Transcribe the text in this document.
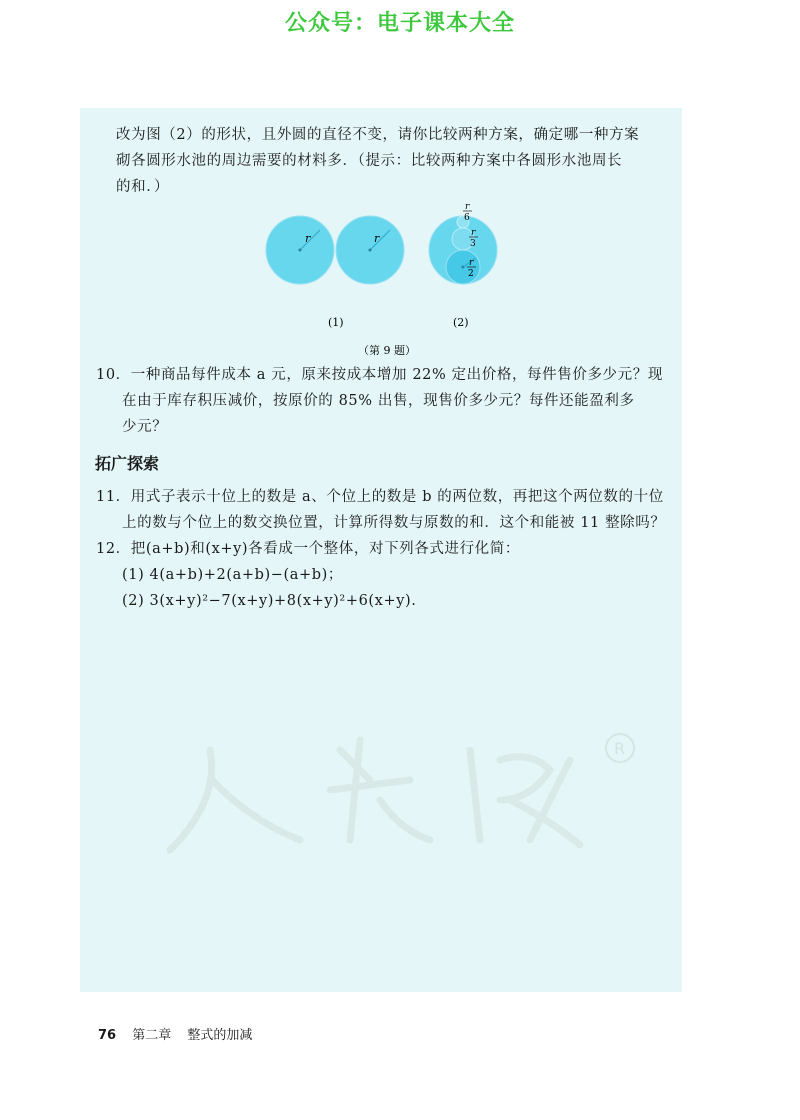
公众号：电子课本大全

改为图（2）的形状，且外圆的直径不变，请你比较两种方案，确定哪一种方案
砌各圆形水池的周边需要的材料多．（提示：比较两种方案中各圆形水池周长
的和．）

r	r
r
6
r
3
r
2
(1)	(2)
（第 9 题）

10．一种商品每件成本 a 元，原来按成本增加 22% 定出价格，每件售价多少元？现
在由于库存积压减价，按原价的 85% 出售，现售价多少元？每件还能盈利多
少元？

拓广探索

11．用式子表示十位上的数是 a、个位上的数是 b 的两位数，再把这个两位数的十位
上的数与个位上的数交换位置，计算所得数与原数的和．这个和能被 11 整除吗？

12．把(a+b)和(x+y)各看成一个整体，对下列各式进行化简：
(1) 4(a+b)+2(a+b)−(a+b)；
(2) 3(x+y)²−7(x+y)+8(x+y)²+6(x+y).

R
76 第二章 整式的加减
